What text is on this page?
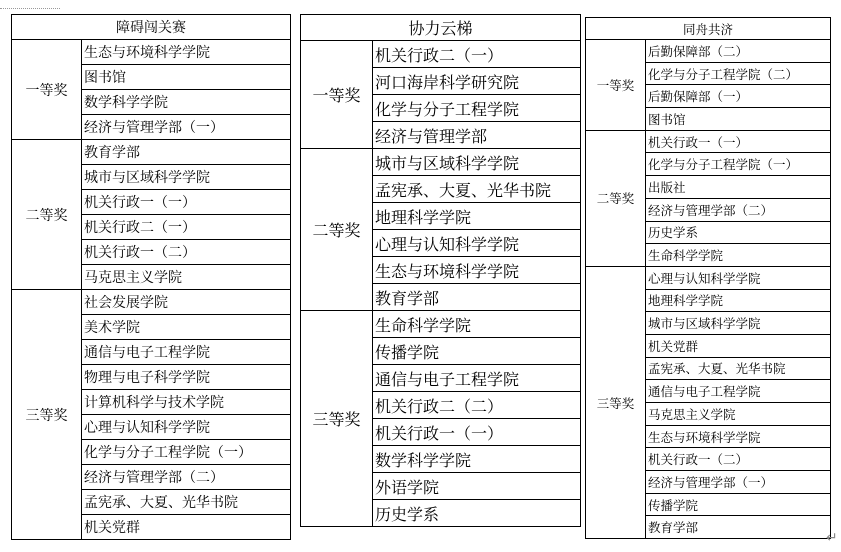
障碍闯关赛	
一等奖	生态与环境科学学院
	图书馆
	数学科学学院
	经济与管理学部（一）
二等奖	教育学部
	城市与区域科学学院
	机关行政一（一）
	机关行政二（一）
	机关行政一（二）
	马克思主义学院
三等奖	社会发展学院
	美术学院
	通信与电子工程学院
	物理与电子科学学院
	计算机科学与技术学院
	心理与认知科学学院
	化学与分子工程学院（一）
	经济与管理学部（二）
	孟宪承、大夏、光华书院
	机关党群
协力云梯	
一等奖	机关行政二（一）
	河口海岸科学研究院
	化学与分子工程学院
	经济与管理学部
二等奖	城市与区域科学学院
	孟宪承、大夏、光华书院
	地理科学学院
	心理与认知科学学院
	生态与环境科学学院
	教育学部
三等奖	生命科学学院
	传播学院
	通信与电子工程学院
	机关行政二（二）
	机关行政一（一）
	数学科学学院
	外语学院
	历史学系
同舟共济	
一等奖	后勤保障部（二）
	化学与分子工程学院（二）
	后勤保障部（一）
	图书馆
二等奖	机关行政一（一）
	化学与分子工程学院（一）
	出版社
	经济与管理学部（二）
	历史学系
	生命科学学院
三等奖	心理与认知科学学院
	地理科学学院
	城市与区域科学学院
	机关党群
	孟宪承、大夏、光华书院
	通信与电子工程学院
	马克思主义学院
	生态与环境科学学院
	机关行政一（二）
	经济与管理学部（一）
	传播学院
	教育学部
↵
